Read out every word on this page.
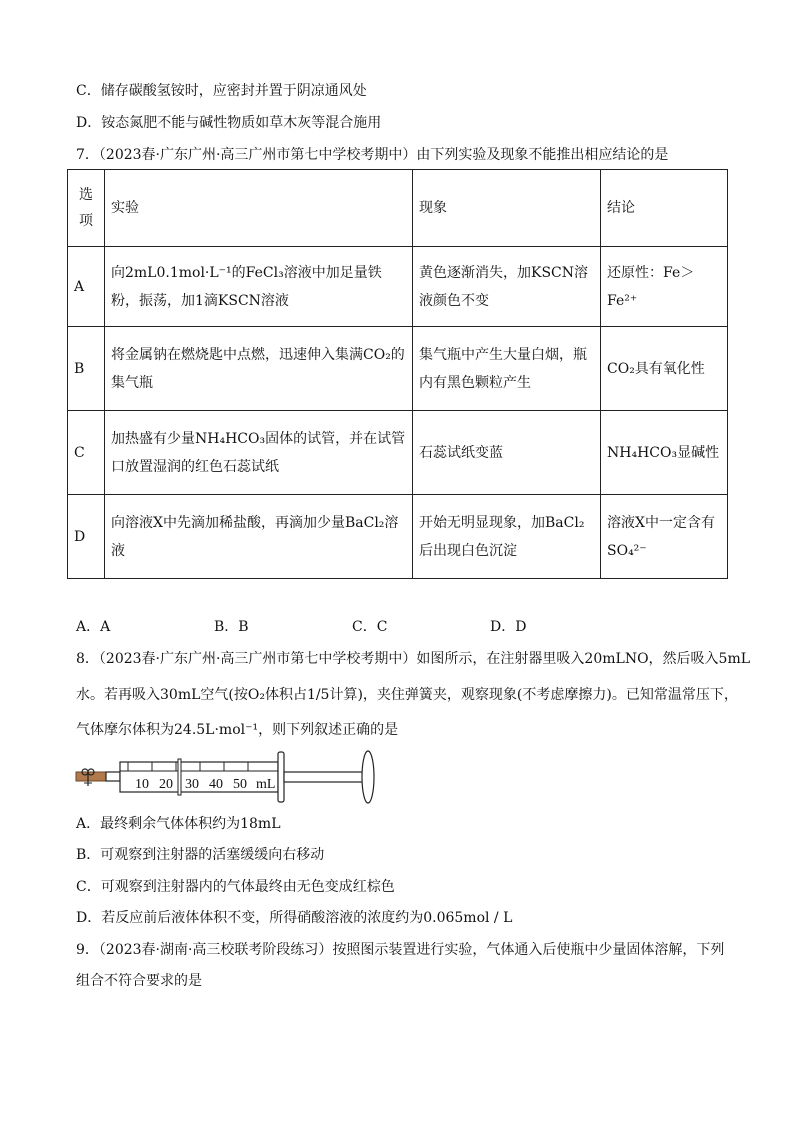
C．储存碳酸氢铵时，应密封并置于阴凉通风处
D．铵态氮肥不能与碱性物质如草木灰等混合施用
7．（2023春·广东广州·高三广州市第七中学校考期中）由下列实验及现象不能推出相应结论的是
选项	实验	现象	结论
A	向2mL0.1mol·L⁻¹的FeCl₃溶液中加足量铁粉，振荡，加1滴KSCN溶液	黄色逐渐消失，加KSCN溶液颜色不变	还原性：Fe＞Fe²⁺
B	将金属钠在燃烧匙中点燃，迅速伸入集满CO₂的集气瓶	集气瓶中产生大量白烟，瓶内有黑色颗粒产生	CO₂具有氧化性
C	加热盛有少量NH₄HCO₃固体的试管，并在试管口放置湿润的红色石蕊试纸	石蕊试纸变蓝	NH₄HCO₃显碱性
D	向溶液X中先滴加稀盐酸，再滴加少量BaCl₂溶液	开始无明显现象，加BaCl₂后出现白色沉淀	溶液X中一定含有SO₄²⁻
A．A	B．B	C．C	D．D
8．（2023春·广东广州·高三广州市第七中学校考期中）如图所示，在注射器里吸入20mLNO，然后吸入5mL
水。若再吸入30mL空气(按O₂体积占1/5计算)，夹住弹簧夹，观察现象(不考虑摩擦力)。已知常温常压下，
气体摩尔体积为24.5L·mol⁻¹，则下列叙述正确的是
10 20 30 40 50 mL
A．最终剩余气体体积约为18mL
B．可观察到注射器的活塞缓缓向右移动
C．可观察到注射器内的气体最终由无色变成红棕色
D．若反应前后液体体积不变，所得硝酸溶液的浓度约为0.065mol / L
9．（2023春·湖南·高三校联考阶段练习）按照图示装置进行实验，气体通入后使瓶中少量固体溶解，下列
组合不符合要求的是
